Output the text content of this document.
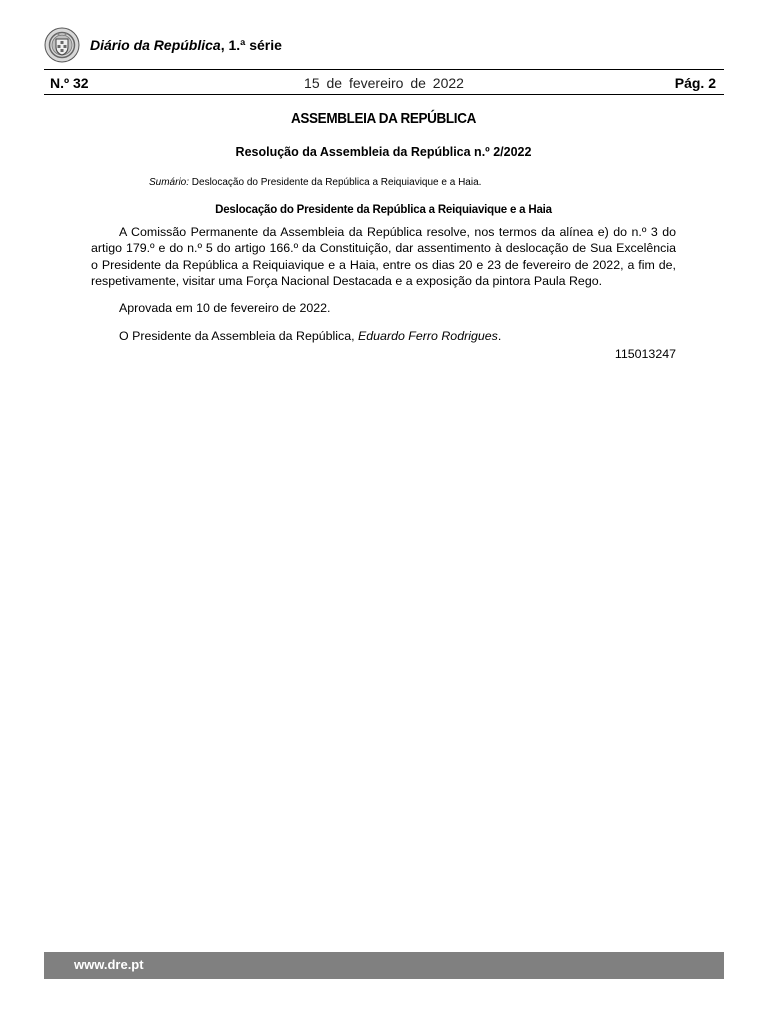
Diário da República, 1.ª série
N.º 32	15 de fevereiro de 2022	Pág. 2
ASSEMBLEIA DA REPÚBLICA
Resolução da Assembleia da República n.º 2/2022
Sumário: Deslocação do Presidente da República a Reiquiavique e a Haia.
Deslocação do Presidente da República a Reiquiavique e a Haia

A Comissão Permanente da Assembleia da República resolve, nos termos da alínea e) do n.º 3 do artigo 179.º e do n.º 5 do artigo 166.º da Constituição, dar assentimento à deslocação de Sua Excelência o Presidente da República a Reiquiavique e a Haia, entre os dias 20 e 23 de fevereiro de 2022, a fim de, respetivamente, visitar uma Força Nacional Destacada e a exposição da pintora Paula Rego.

Aprovada em 10 de fevereiro de 2022.

O Presidente da Assembleia da República, Eduardo Ferro Rodrigues.

115013247
www.dre.pt
